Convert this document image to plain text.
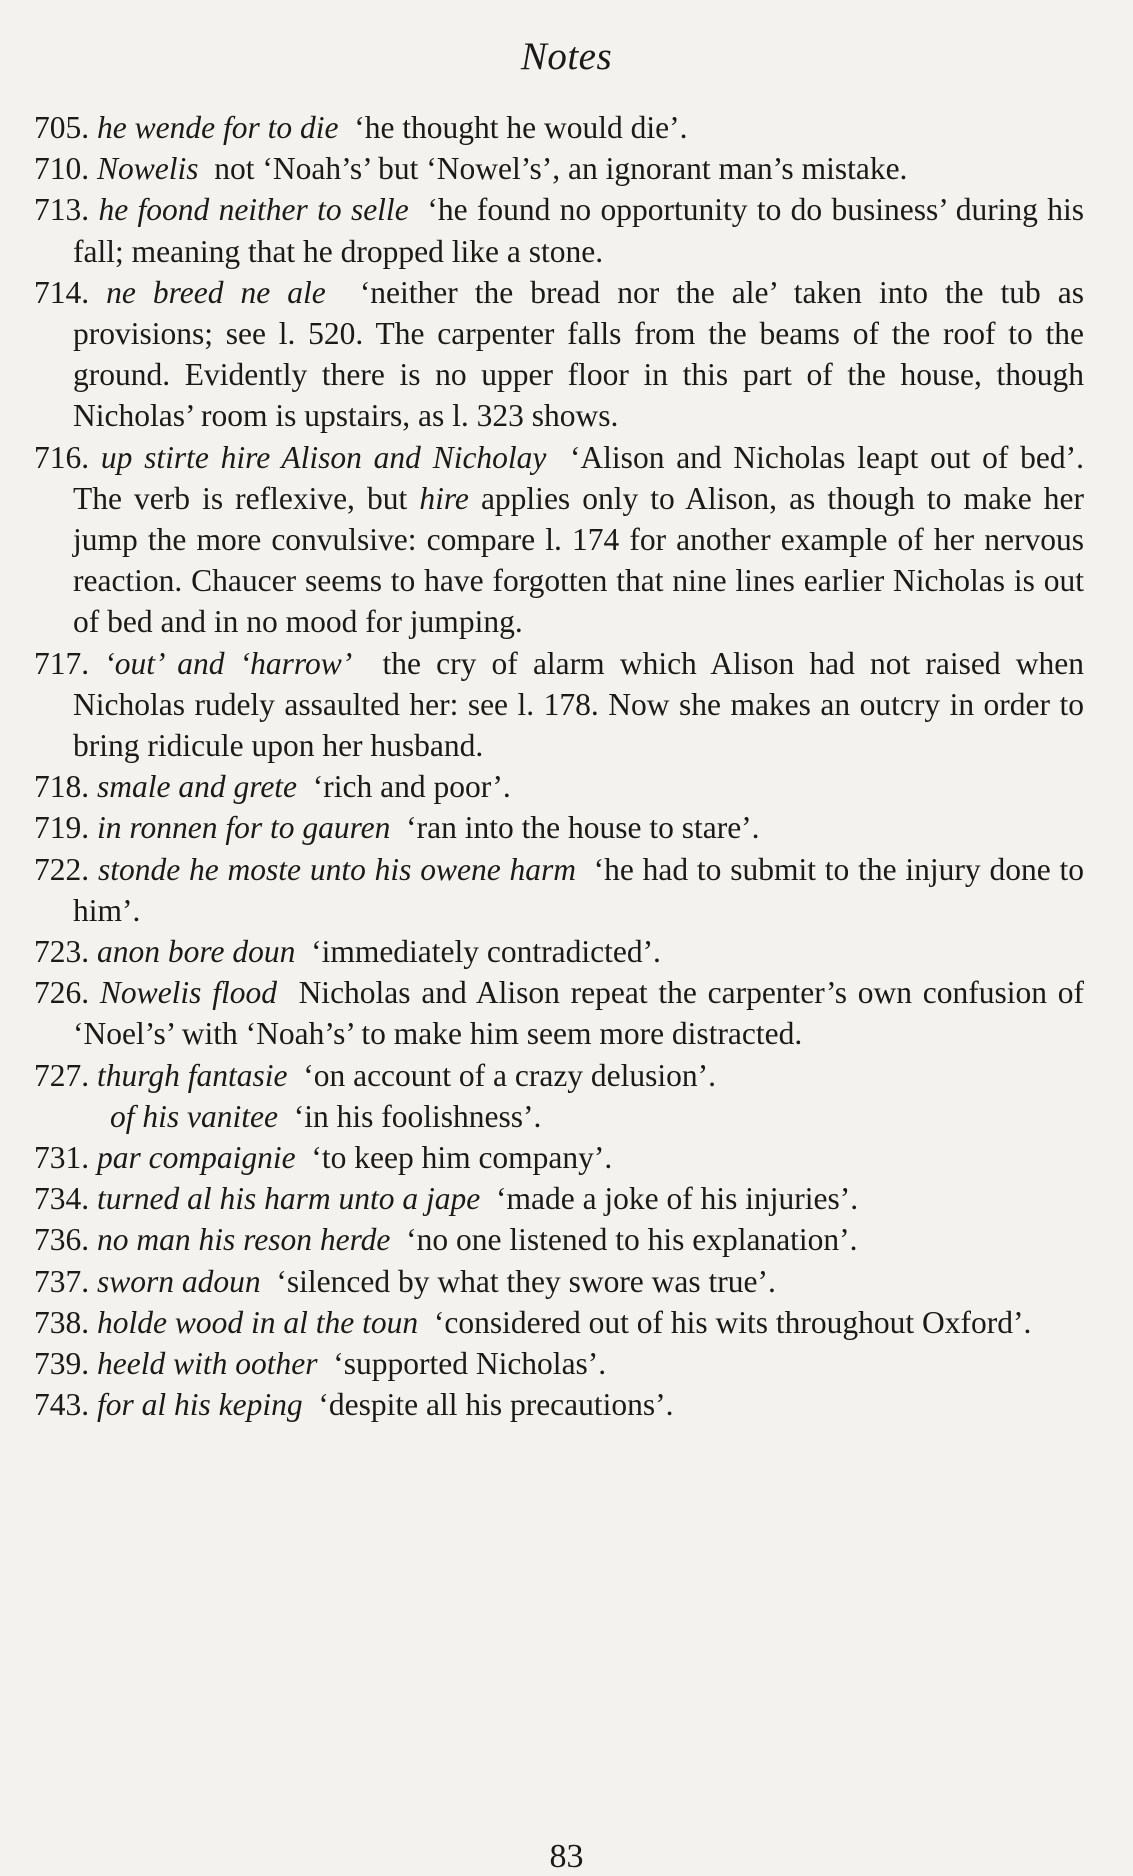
Notes
705. he wende for to die ‘he thought he would die’.
710. Nowelis not ‘Noah’s’ but ‘Nowel’s’, an ignorant man’s mistake.
713. he foond neither to selle ‘he found no opportunity to do business’ during his fall; meaning that he dropped like a stone.
714. ne breed ne ale ‘neither the bread nor the ale’ taken into the tub as provisions; see l. 520. The carpenter falls from the beams of the roof to the ground. Evidently there is no upper floor in this part of the house, though Nicholas’ room is upstairs, as l. 323 shows.
716. up stirte hire Alison and Nicholay ‘Alison and Nicholas leapt out of bed’. The verb is reflexive, but hire applies only to Alison, as though to make her jump the more convulsive: compare l. 174 for another example of her nervous reaction. Chaucer seems to have forgotten that nine lines earlier Nicholas is out of bed and in no mood for jumping.
717. ‘out’ and ‘harrow’ the cry of alarm which Alison had not raised when Nicholas rudely assaulted her: see l. 178. Now she makes an outcry in order to bring ridicule upon her husband.
718. smale and grete ‘rich and poor’.
719. in ronnen for to gauren ‘ran into the house to stare’.
722. stonde he moste unto his owene harm ‘he had to submit to the injury done to him’.
723. anon bore doun ‘immediately contradicted’.
726. Nowelis flood Nicholas and Alison repeat the carpenter’s own confusion of ‘Noel’s’ with ‘Noah’s’ to make him seem more distracted.
727. thurgh fantasie ‘on account of a crazy delusion’.
of his vanitee ‘in his foolishness’.
731. par compaignie ‘to keep him company’.
734. turned al his harm unto a jape ‘made a joke of his injuries’.
736. no man his reson herde ‘no one listened to his explanation’.
737. sworn adoun ‘silenced by what they swore was true’.
738. holde wood in al the toun ‘considered out of his wits throughout Oxford’.
739. heeld with oother ‘supported Nicholas’.
743. for al his keping ‘despite all his precautions’.
83
